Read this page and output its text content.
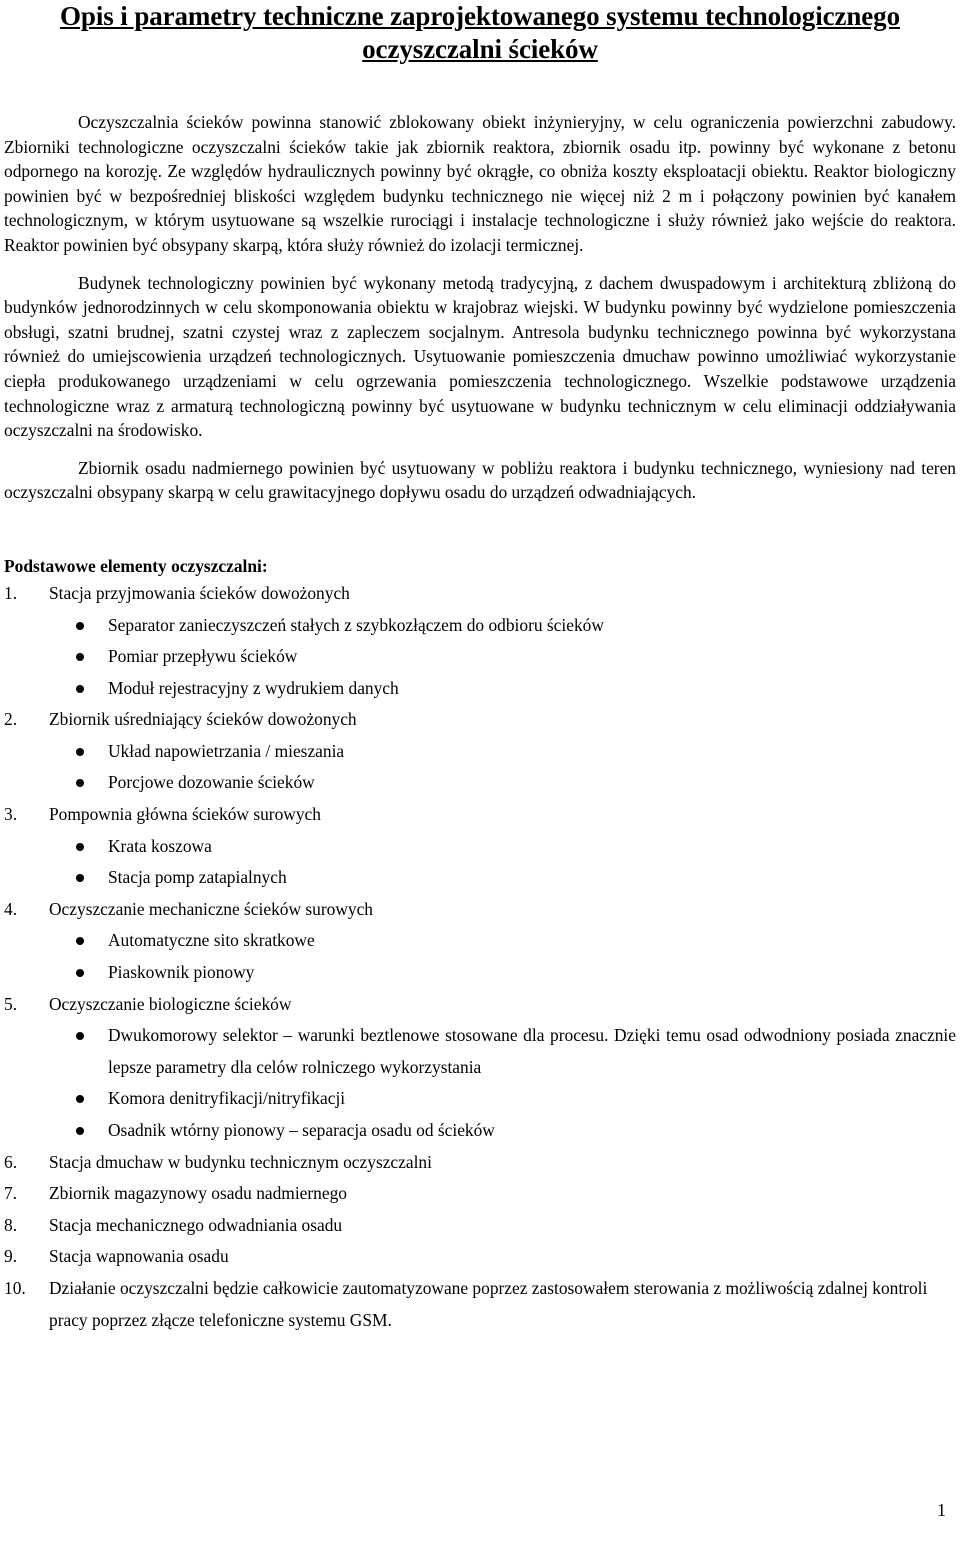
Opis i parametry techniczne zaprojektowanego systemu technologicznego oczyszczalni ścieków

Oczyszczalnia ścieków powinna stanowić zblokowany obiekt inżynieryjny, w celu ograniczenia powierzchni zabudowy. Zbiorniki technologiczne oczyszczalni ścieków takie jak zbiornik reaktora, zbiornik osadu itp. powinny być wykonane z betonu odpornego na korozję. Ze względów hydraulicznych powinny być okrągłe, co obniża koszty eksploatacji obiektu. Reaktor biologiczny powinien być w bezpośredniej bliskości względem budynku technicznego nie więcej niż 2 m i połączony powinien być kanałem technologicznym, w którym usytuowane są wszelkie rurociągi i instalacje technologiczne i służy również jako wejście do reaktora. Reaktor powinien być obsypany skarpą, która służy również do izolacji termicznej.

Budynek technologiczny powinien być wykonany metodą tradycyjną, z dachem dwuspadowym i architekturą zbliżoną do budynków jednorodzinnych w celu skomponowania obiektu w krajobraz wiejski. W budynku powinny być wydzielone pomieszczenia obsługi, szatni brudnej, szatni czystej wraz z zapleczem socjalnym. Antresola budynku technicznego powinna być wykorzystana również do umiejscowienia urządzeń technologicznych. Usytuowanie pomieszczenia dmuchaw powinno umożliwiać wykorzystanie ciepła produkowanego urządzeniami w celu ogrzewania pomieszczenia technologicznego. Wszelkie podstawowe urządzenia technologiczne wraz z armaturą technologiczną powinny być usytuowane w budynku technicznym w celu eliminacji oddziaływania oczyszczalni na środowisko.

Zbiornik osadu nadmiernego powinien być usytuowany w pobliżu reaktora i budynku technicznego, wyniesiony nad teren oczyszczalni obsypany skarpą w celu grawitacyjnego dopływu osadu do urządzeń odwadniających.

Podstawowe elementy oczyszczalni:

1. Stacja przyjmowania ścieków dowożonych
Separator zanieczyszczeń stałych z szybkozłączem do odbioru ścieków
Pomiar przepływu ścieków
Moduł rejestracyjny z wydrukiem danych
2. Zbiornik uśredniający ścieków dowożonych
Układ napowietrzania / mieszania
Porcjowe dozowanie ścieków
3. Pompownia główna ścieków surowych
Krata koszowa
Stacja pomp zatapialnych
4. Oczyszczanie mechaniczne ścieków surowych
Automatyczne sito skratkowe
Piaskownik pionowy
5. Oczyszczanie biologiczne ścieków
Dwukomorowy selektor – warunki beztlenowe stosowane dla procesu. Dzięki temu osad odwodniony posiada znacznie lepsze parametry dla celów rolniczego wykorzystania
Komora denitryfikacji/nitryfikacji
Osadnik wtórny pionowy – separacja osadu od ścieków
6. Stacja dmuchaw w budynku technicznym oczyszczalni
7. Zbiornik magazynowy osadu nadmiernego
8. Stacja mechanicznego odwadniania osadu
9. Stacja wapnowania osadu
10. Działanie oczyszczalni będzie całkowicie zautomatyzowane poprzez zastosowałem sterowania z możliwością zdalnej kontroli pracy poprzez złącze telefoniczne systemu GSM.
1
